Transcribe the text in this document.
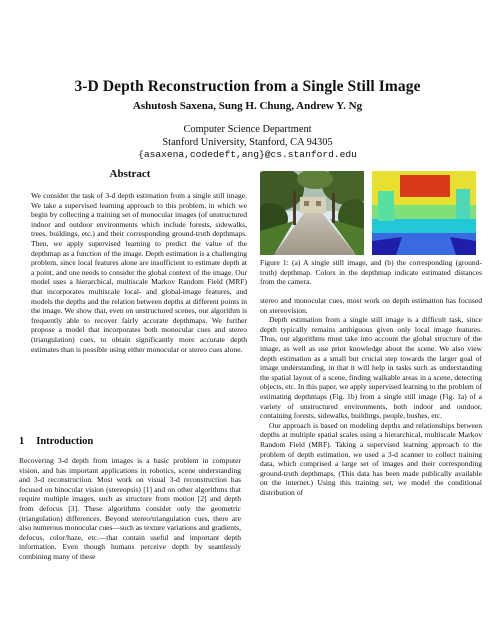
3-D Depth Reconstruction from a Single Still Image
Ashutosh Saxena, Sung H. Chung, Andrew Y. Ng
Computer Science Department
Stanford University, Stanford, CA 94305
{asaxena,codedeft,ang}@cs.stanford.edu
Abstract

We consider the task of 3-d depth estimation from a single still image. We take a supervised learning approach to this problem, in which we begin by collecting a training set of monocular images (of unstructured indoor and outdoor environments which include forests, sidewalks, trees, buildings, etc.) and their corresponding ground-truth depthmaps. Then, we apply supervised learning to predict the value of the depthmap as a function of the image. Depth estimation is a challenging problem, since local features alone are insufficient to estimate depth at a point, and one needs to consider the global context of the image. Our model uses a hierarchical, multiscale Markov Random Field (MRF) that incorporates multiscale local- and global-image features, and models the depths and the relation between depths at different points in the image. We show that, even on unstructured scenes, our algorithm is frequently able to recover fairly accurate depthmaps. We further propose a model that incorporates both monocular cues and stereo (triangulation) cues, to obtain significantly more accurate depth estimates than is possible using either monocular or stereo cues alone.

1 Introduction

Recovering 3-d depth from images is a basic problem in computer vision, and has important applications in robotics, scene understanding and 3-d reconstruction. Most work on visual 3-d reconstruction has focused on binocular vision (stereopsis) [1] and on other algorithms that require multiple images, such as structure from motion [2] and depth from defocus [3]. These algorithms consider only the geometric (triangulation) differences. Beyond stereo/triangulation cues, there are also numerous monocular cues—such as texture variations and gradients, defocus, color/haze, etc.—that contain useful and important depth information. Even though humans perceive depth by seamlessly combining many of these

Figure 1: (a) A single still image, and (b) the corresponding (ground-truth) depthmap. Colors in the depthmap indicate estimated distances from the camera.

stereo and monocular cues, most work on depth estimation has focused on stereovision.

Depth estimation from a single still image is a difficult task, since depth typically remains ambiguous given only local image features. Thus, our algorithms must take into account the global structure of the image, as well as use prior knowledge about the scene. We also view depth estimation as a small but crucial step towards the larger goal of image understanding, in that it will help in tasks such as understanding the spatial layout of a scene, finding walkable areas in a scene, detecting objects, etc. In this paper, we apply supervised learning to the problem of estimating depthmaps (Fig. 1b) from a single still image (Fig. 1a) of a variety of unstructured environments, both indoor and outdoor, containing forests, sidewalks, buildings, people, bushes, etc.

Our approach is based on modeling depths and relationships between depths at multiple spatial scales using a hierarchical, multiscale Markov Random Field (MRF). Taking a supervised learning approach to the problem of depth estimation, we used a 3-d scanner to collect training data, which comprised a large set of images and their corresponding ground-truth depthmaps. (This data has been made publically available on the internet.) Using this training set, we model the conditional distribution of
